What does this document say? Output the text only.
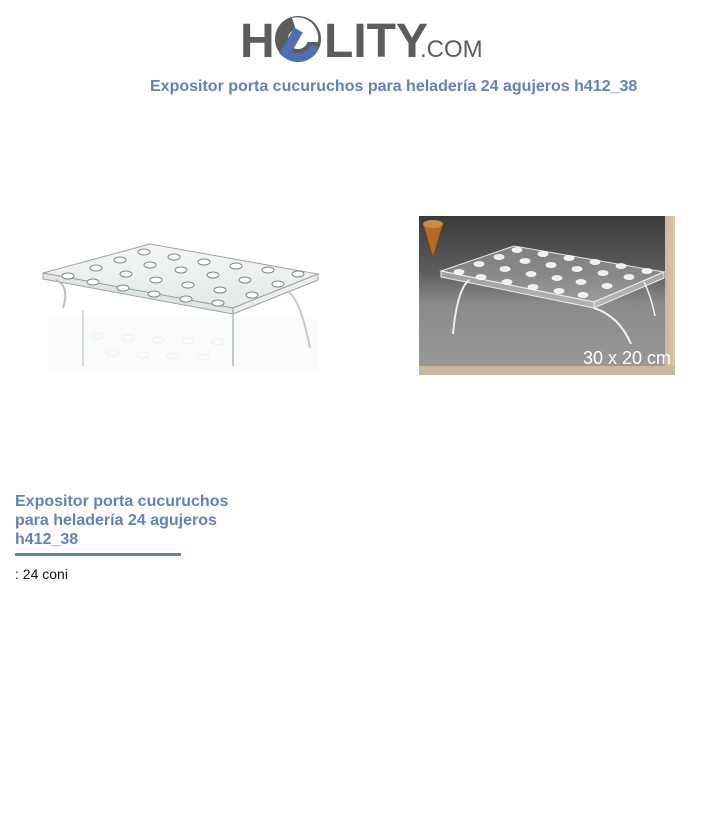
H LITY
.COM
Expositor porta cucuruchos para heladería 24 agujeros h412_38
30 x 20 cm
Expositor porta cucuruchos para heladería 24 agujeros h412_38
: 24 coni
